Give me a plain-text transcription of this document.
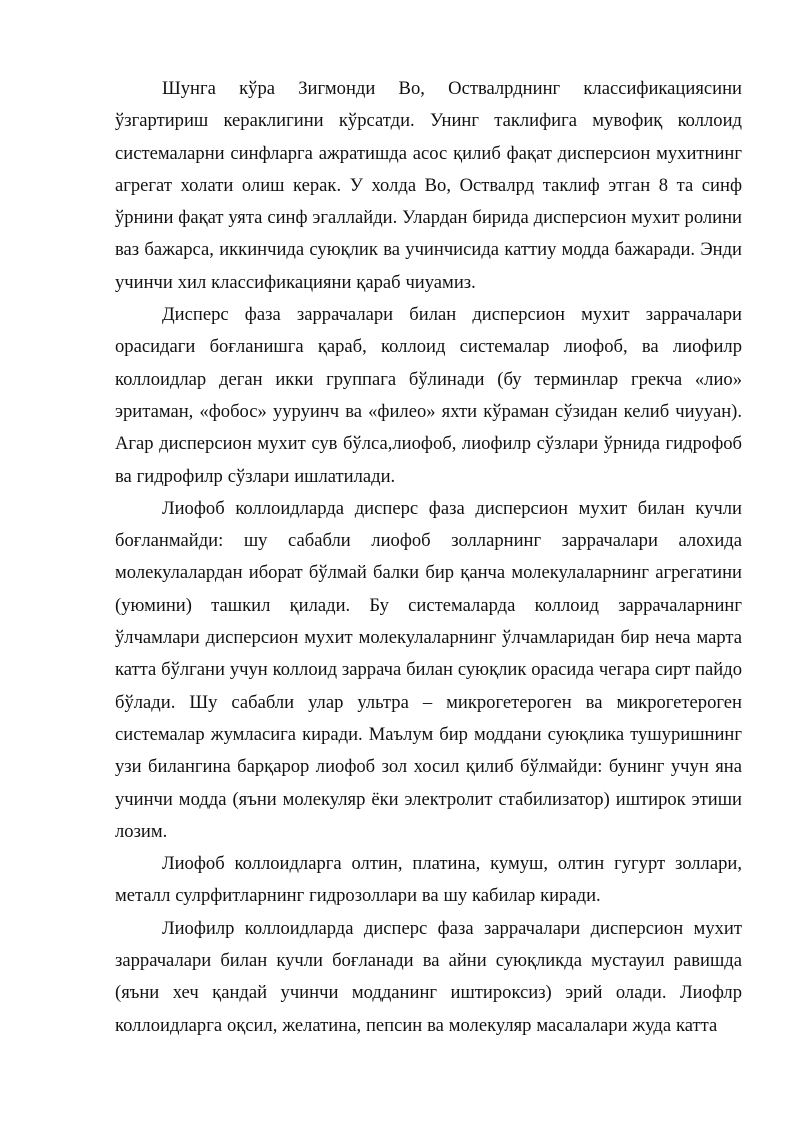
Шунга кўра Зигмонди Во, Оствалрднинг классификациясини ўзгартириш кераклигини кўрсатди. Унинг таклифига мувофиқ коллоид системаларни синфларга ажратишда асос қилиб фақат дисперсион мухитнинг агрегат холати олиш керак. У холда Во, Оствалрд таклиф этган 8 та синф ўрнини фақат уята синф эгаллайди. Улардан бирида дисперсион мухит ролини ваз бажарса, иккинчида суюқлик ва учинчисида каттиу модда бажаради. Энди учинчи хил классификацияни қараб чиуамиз.

Дисперс фаза заррачалари билан дисперсион мухит заррачалари орасидаги боғланишга қараб, коллоид системалар лиофоб, ва лиофилр коллоидлар деган икки группага бўлинади (бу терминлар грекча «лио» эритаман, «фобос» ууруинч ва «филео» яхти кўраман сўзидан келиб чиууан). Агар дисперсион мухит сув бўлса,лиофоб, лиофилр сўзлари ўрнида гидрофоб ва гидрофилр сўзлари ишлатилади.

Лиофоб коллоидларда дисперс фаза дисперсион мухит билан кучли боғланмайди: шу сабабли лиофоб золларнинг заррачалари алохида молекулалардан иборат бўлмай балки бир қанча молекулаларнинг агрегатини (уюмини) ташкил қилади. Бу системаларда коллоид заррачаларнинг ўлчамлари дисперсион мухит молекулаларнинг ўлчамларидан бир неча марта катта бўлгани учун коллоид заррача билан суюқлик орасида чегара сирт пайдо бўлади. Шу сабабли улар ультра – микрогетероген ва микрогетероген системалар жумласига киради. Маълум бир моддани суюқлика тушуришнинг узи билангина барқарор лиофоб зол хосил қилиб бўлмайди: бунинг учун яна учинчи модда (яъни молекуляр ёки электролит стабилизатор) иштирок этиши лозим.

Лиофоб коллоидларга олтин, платина, кумуш, олтин гугурт золлари, металл сулрфитларнинг гидрозоллари ва шу кабилар киради.

Лиофилр коллоидларда дисперс фаза заррачалари дисперсион мухит заррачалари билан кучли боғланади ва айни суюқликда мустауил равишда (яъни хеч қандай учинчи модданинг иштироксиз) эрий олади. Лиофлр коллоидларга оқсил, желатина, пепсин ва молекуляр масалалари жуда катта
